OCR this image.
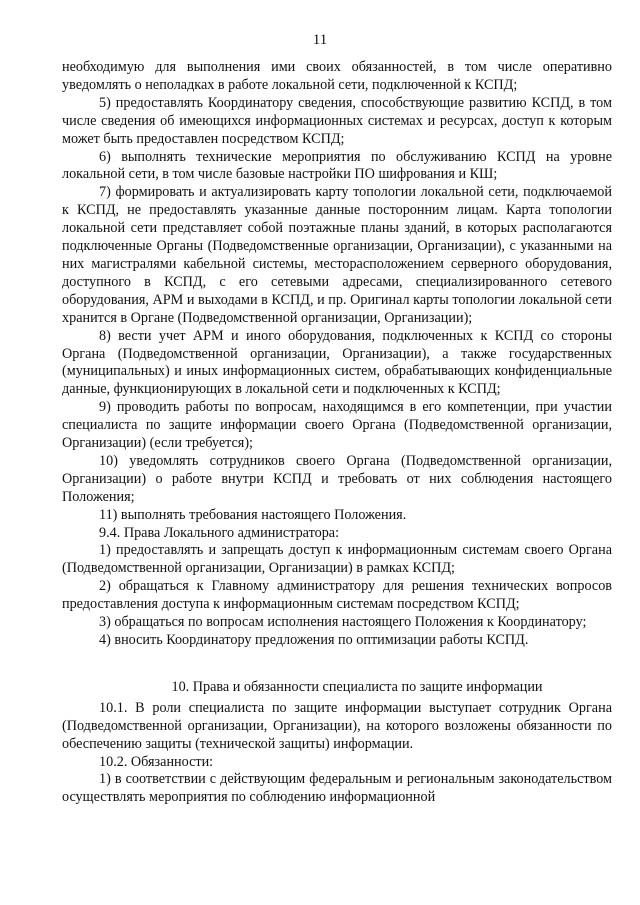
11

необходимую для выполнения ими своих обязанностей, в том числе оперативно уведомлять о неполадках в работе локальной сети, подключенной к КСПД;

5) предоставлять Координатору сведения, способствующие развитию КСПД, в том числе сведения об имеющихся информационных системах и ресурсах, доступ к которым может быть предоставлен посредством КСПД;

6) выполнять технические мероприятия по обслуживанию КСПД на уровне локальной сети, в том числе базовые настройки ПО шифрования и КШ;

7) формировать и актуализировать карту топологии локальной сети, подключаемой к КСПД, не предоставлять указанные данные посторонним лицам. Карта топологии локальной сети представляет собой поэтажные планы зданий, в которых располагаются подключенные Органы (Подведомственные организации, Организации), с указанными на них магистралями кабельной системы, месторасположением серверного оборудования, доступного в КСПД, с его сетевыми адресами, специализированного сетевого оборудования, АРМ и выходами в КСПД, и пр. Оригинал карты топологии локальной сети хранится в Органе (Подведомственной организации, Организации);

8) вести учет АРМ и иного оборудования, подключенных к КСПД со стороны Органа (Подведомственной организации, Организации), а также государственных (муниципальных) и иных информационных систем, обрабатывающих конфиденциальные данные, функционирующих в локальной сети и подключенных к КСПД;

9) проводить работы по вопросам, находящимся в его компетенции, при участии специалиста по защите информации своего Органа (Подведомственной организации, Организации) (если требуется);

10) уведомлять сотрудников своего Органа (Подведомственной организации, Организации) о работе внутри КСПД и требовать от них соблюдения настоящего Положения;

11) выполнять требования настоящего Положения.

9.4. Права Локального администратора:

1) предоставлять и запрещать доступ к информационным системам своего Органа (Подведомственной организации, Организации) в рамках КСПД;

2) обращаться к Главному администратору для решения технических вопросов предоставления доступа к информационным системам посредством КСПД;

3) обращаться по вопросам исполнения настоящего Положения к Координатору;

4) вносить Координатору предложения по оптимизации работы КСПД.

10. Права и обязанности специалиста по защите информации

10.1. В роли специалиста по защите информации выступает сотрудник Органа (Подведомственной организации, Организации), на которого возложены обязанности по обеспечению защиты (технической защиты) информации.

10.2. Обязанности:

1) в соответствии с действующим федеральным и региональным законодательством осуществлять мероприятия по соблюдению информационной
